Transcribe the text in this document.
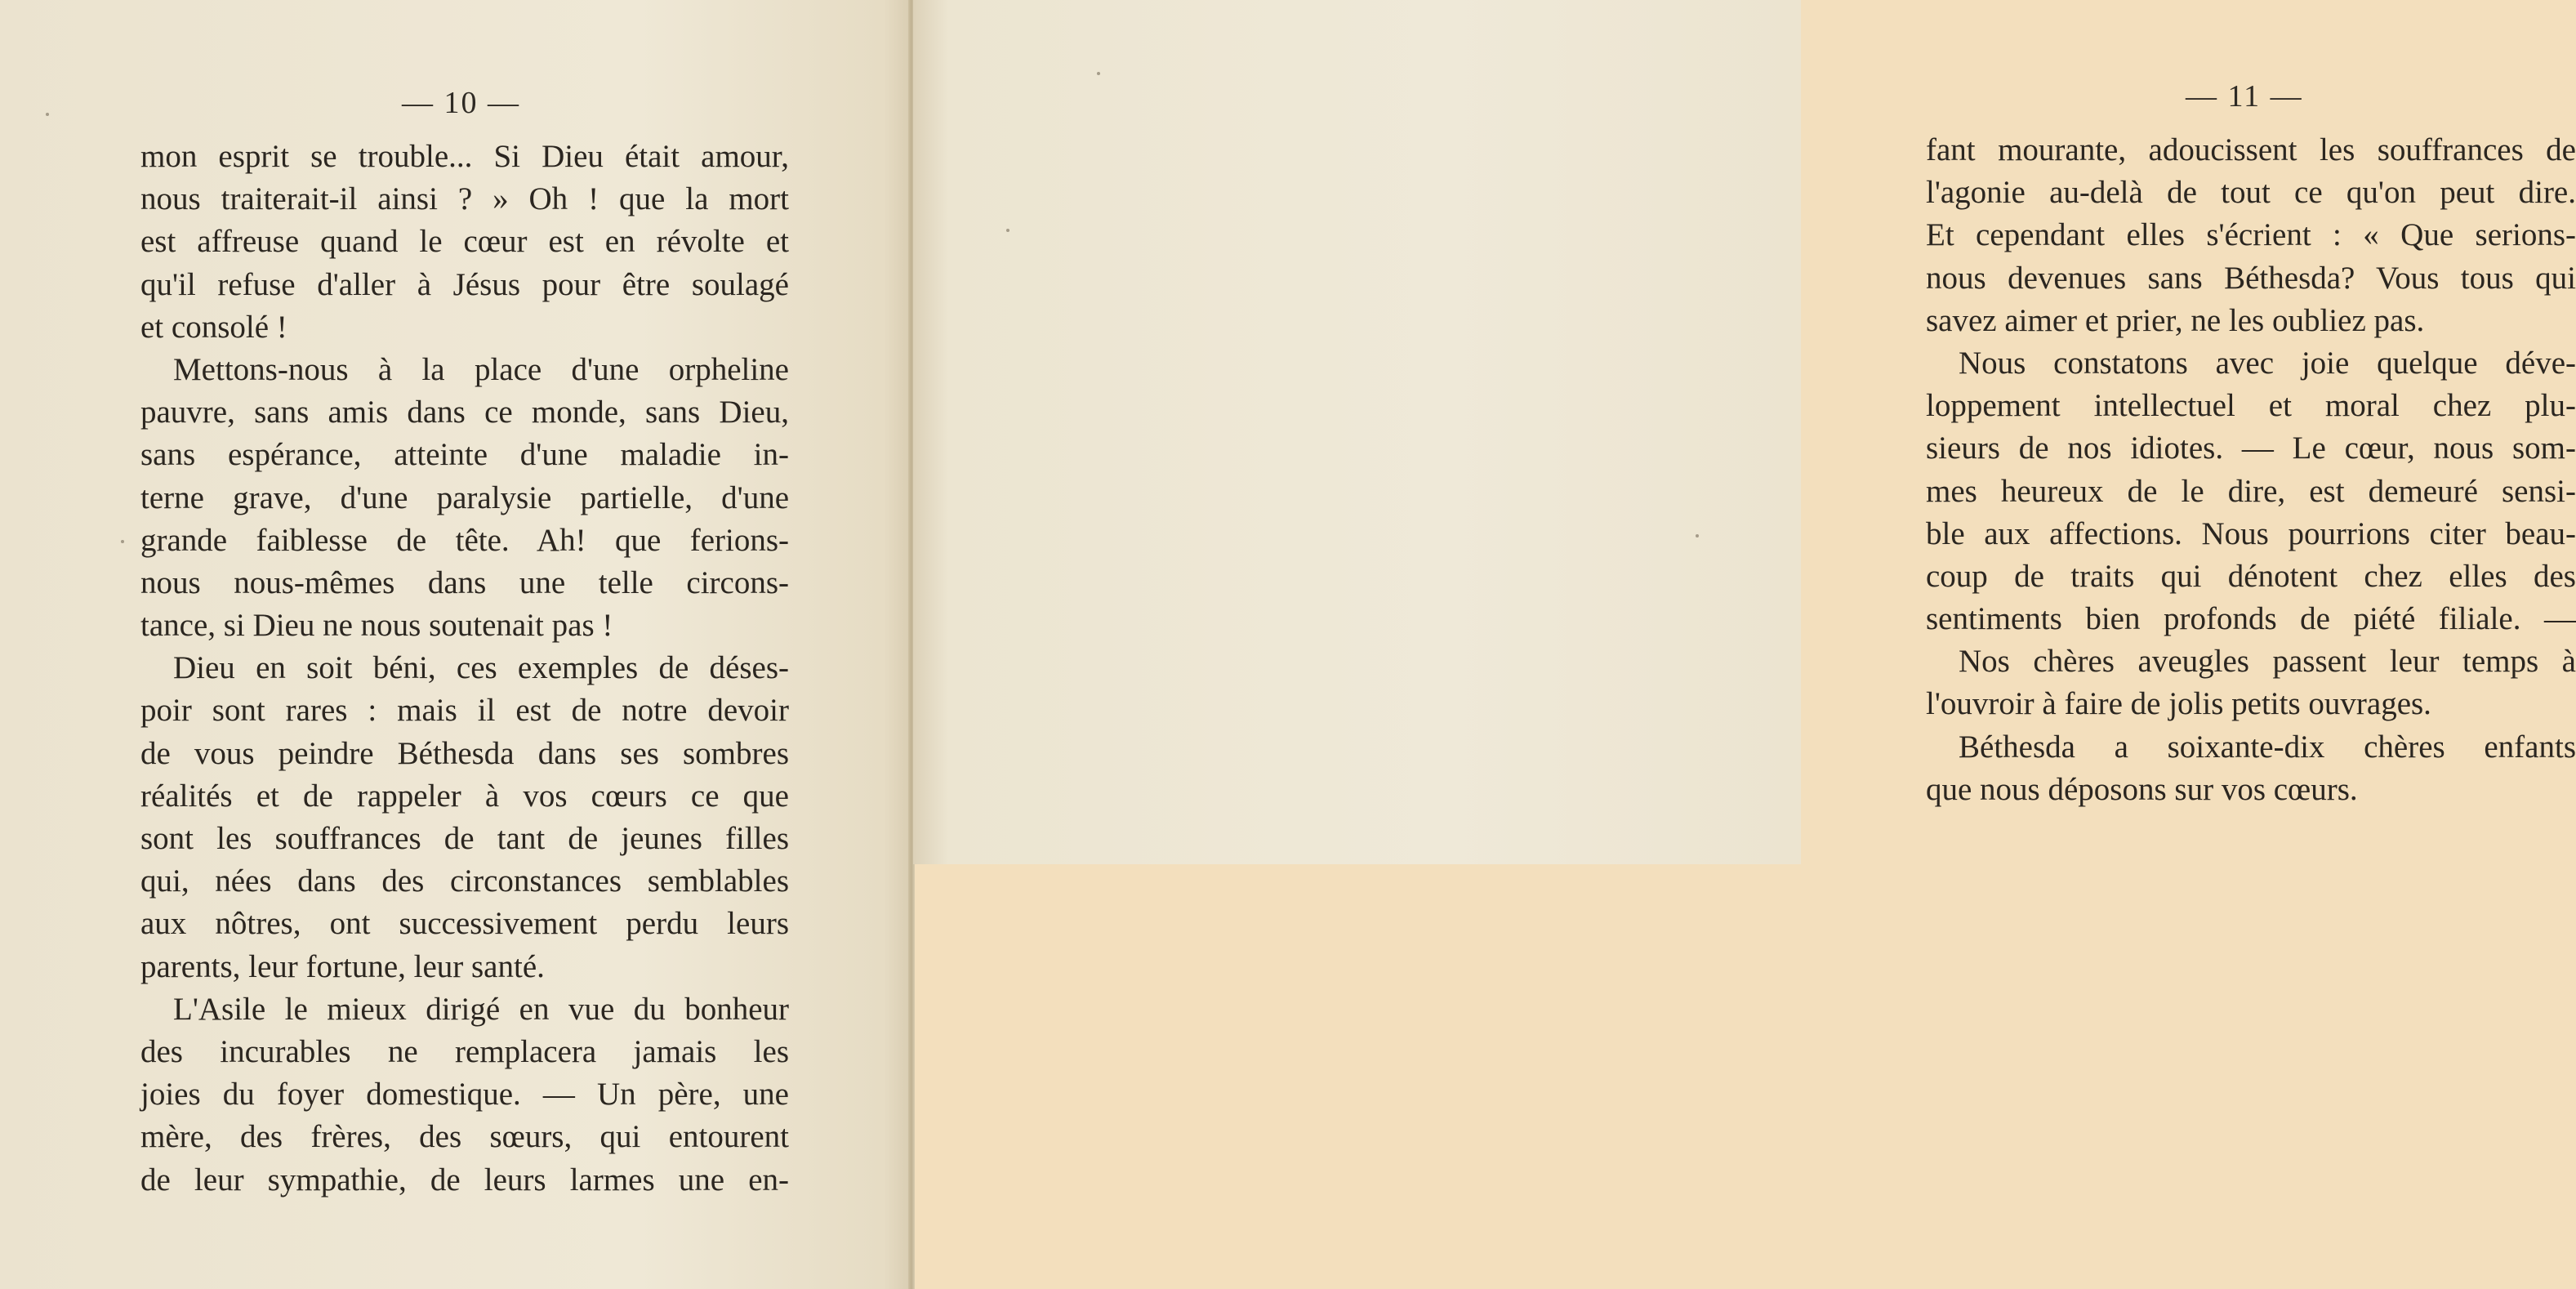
— 10 —
mon esprit se trouble... Si Dieu était amour,
nous traiterait-il ainsi ? » Oh ! que la mort
est affreuse quand le cœur est en révolte et
qu'il refuse d'aller à Jésus pour être soulagé
et consolé !
Mettons-nous à la place d'une orpheline
pauvre, sans amis dans ce monde, sans Dieu,
sans espérance, atteinte d'une maladie in-
terne grave, d'une paralysie partielle, d'une
grande faiblesse de tête. Ah! que ferions-
nous nous-mêmes dans une telle circons-
tance, si Dieu ne nous soutenait pas !
Dieu en soit béni, ces exemples de déses-
poir sont rares : mais il est de notre devoir
de vous peindre Béthesda dans ses sombres
réalités et de rappeler à vos cœurs ce que
sont les souffrances de tant de jeunes filles
qui, nées dans des circonstances semblables
aux nôtres, ont successivement perdu leurs
parents, leur fortune, leur santé.
L'Asile le mieux dirigé en vue du bonheur
des incurables ne remplacera jamais les
joies du foyer domestique. — Un père, une
mère, des frères, des sœurs, qui entourent
de leur sympathie, de leurs larmes une en-
— 11 —
fant mourante, adoucissent les souffrances de
l'agonie au-delà de tout ce qu'on peut dire.
Et cependant elles s'écrient : « Que serions-
nous devenues sans Béthesda? Vous tous qui
savez aimer et prier, ne les oubliez pas.
Nous constatons avec joie quelque déve-
loppement intellectuel et moral chez plu-
sieurs de nos idiotes. — Le cœur, nous som-
mes heureux de le dire, est demeuré sensi-
ble aux affections. Nous pourrions citer beau-
coup de traits qui dénotent chez elles des
sentiments bien profonds de piété filiale. —
Nos chères aveugles passent leur temps à
l'ouvroir à faire de jolis petits ouvrages.
Béthesda a soixante-dix chères enfants
que nous déposons sur vos cœurs.
